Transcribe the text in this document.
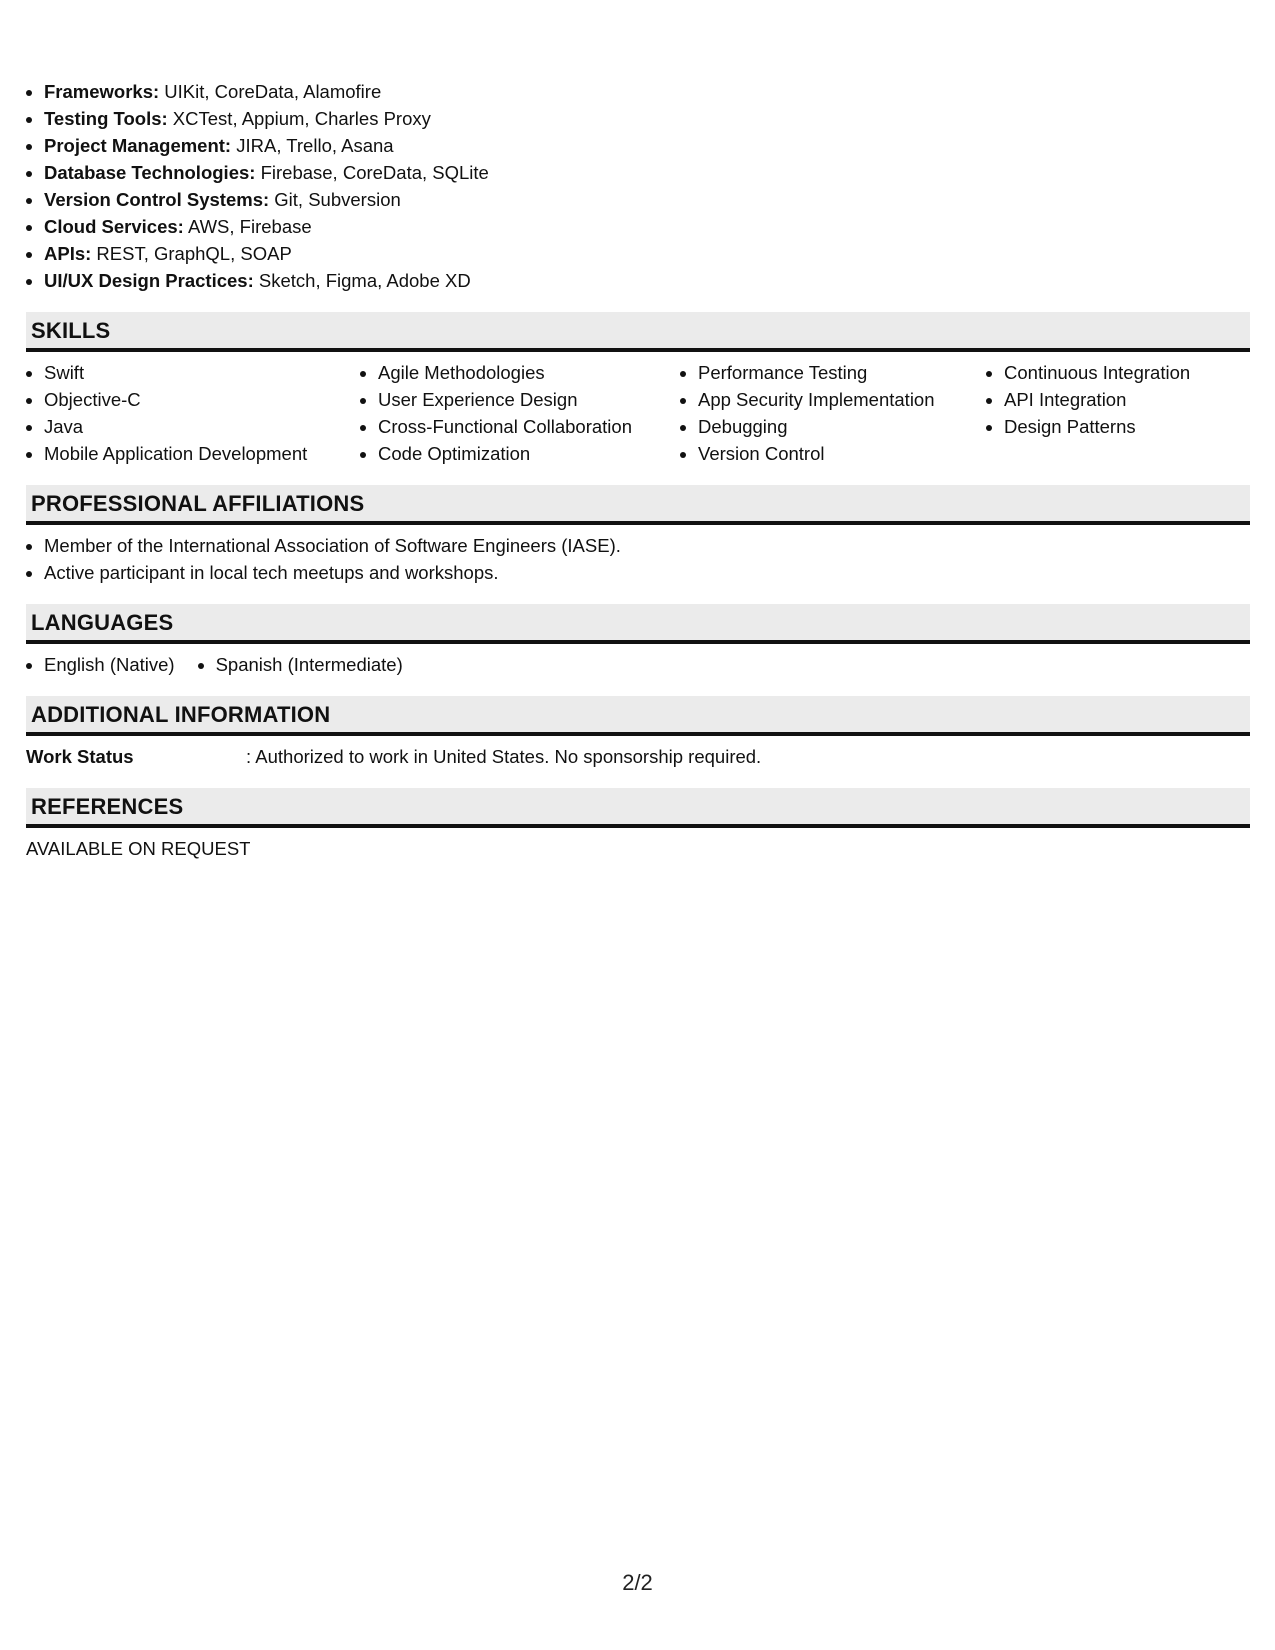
• Frameworks: UIKit, CoreData, Alamofire
• Testing Tools: XCTest, Appium, Charles Proxy
• Project Management: JIRA, Trello, Asana
• Database Technologies: Firebase, CoreData, SQLite
• Version Control Systems: Git, Subversion
• Cloud Services: AWS, Firebase
• APIs: REST, GraphQL, SOAP
• UI/UX Design Practices: Sketch, Figma, Adobe XD
SKILLS
• Swift
• Objective-C
• Java
• Mobile Application Development
• Agile Methodologies
• User Experience Design
• Cross-Functional Collaboration
• Code Optimization
• Performance Testing
• App Security Implementation
• Debugging
• Version Control
• Continuous Integration
• API Integration
• Design Patterns
PROFESSIONAL AFFILIATIONS
• Member of the International Association of Software Engineers (IASE).
• Active participant in local tech meetups and workshops.
LANGUAGES
• English (Native)
• Spanish (Intermediate)
ADDITIONAL INFORMATION
Work Status	: Authorized to work in United States. No sponsorship required.
REFERENCES
AVAILABLE ON REQUEST
2/2
